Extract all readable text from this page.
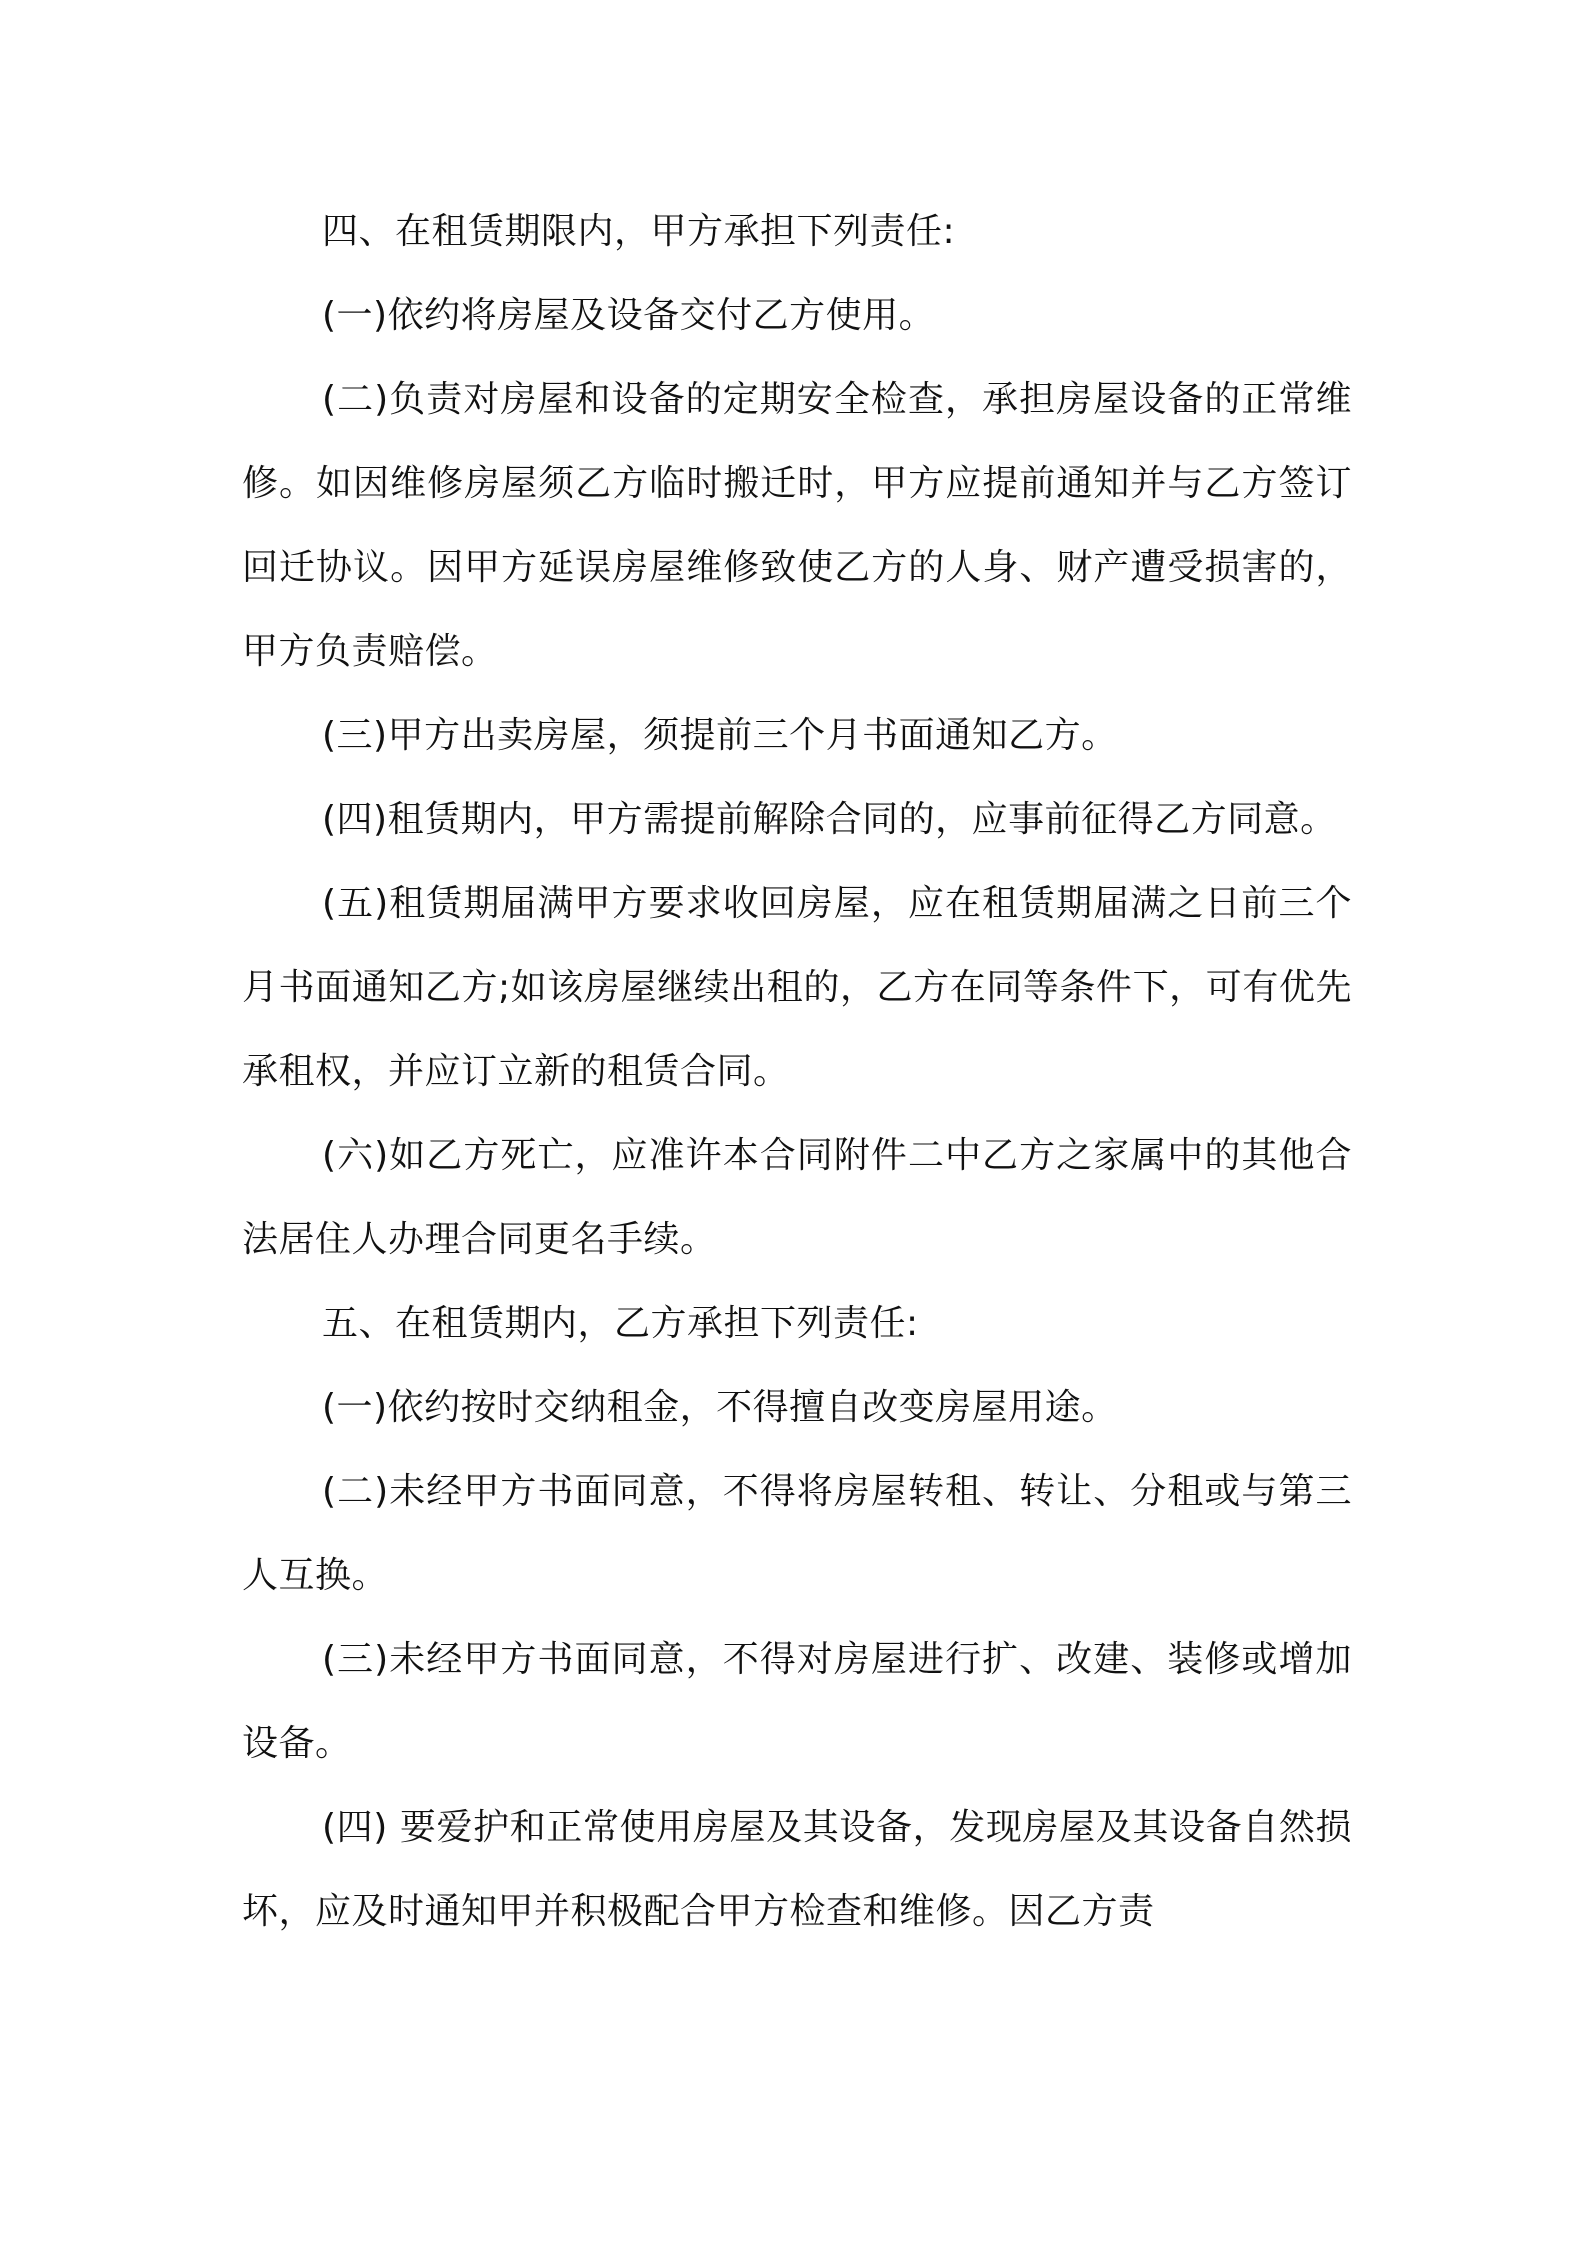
四、在租赁期限内，甲方承担下列责任:

(一)依约将房屋及设备交付乙方使用。

(二)负责对房屋和设备的定期安全检查，承担房屋设备的正常维修。如因维修房屋须乙方临时搬迁时，甲方应提前通知并与乙方签订回迁协议。因甲方延误房屋维修致使乙方的人身、财产遭受损害的，甲方负责赔偿。

(三)甲方出卖房屋，须提前三个月书面通知乙方。

(四)租赁期内，甲方需提前解除合同的，应事前征得乙方同意。

(五)租赁期届满甲方要求收回房屋，应在租赁期届满之日前三个月书面通知乙方;如该房屋继续出租的，乙方在同等条件下，可有优先承租权，并应订立新的租赁合同。

(六)如乙方死亡，应准许本合同附件二中乙方之家属中的其他合法居住人办理合同更名手续。

五、在租赁期内，乙方承担下列责任:

(一)依约按时交纳租金，不得擅自改变房屋用途。

(二)未经甲方书面同意，不得将房屋转租、转让、分租或与第三人互换。

(三)未经甲方书面同意，不得对房屋进行扩、改建、装修或增加设备。

(四) 要爱护和正常使用房屋及其设备，发现房屋及其设备自然损坏，应及时通知甲并积极配合甲方检查和维修。因乙方责
